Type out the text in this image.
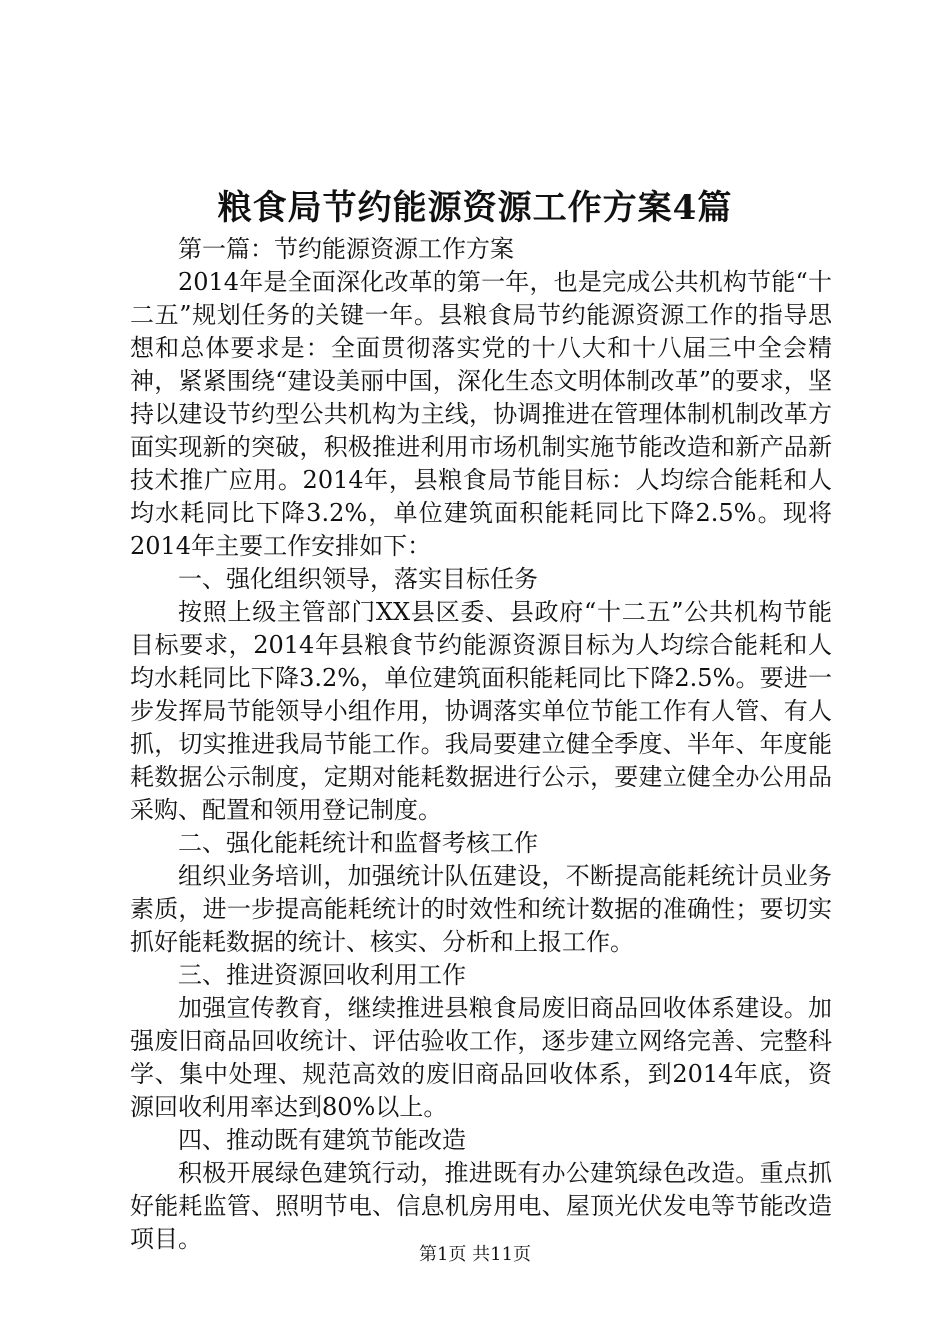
粮食局节约能源资源工作方案4篇

第一篇：节约能源资源工作方案

2014年是全面深化改革的第一年，也是完成公共机构节能“十二五”规划任务的关键一年。县粮食局节约能源资源工作的指导思想和总体要求是：全面贯彻落实党的十八大和十八届三中全会精神，紧紧围绕“建设美丽中国，深化生态文明体制改革”的要求，坚持以建设节约型公共机构为主线，协调推进在管理体制机制改革方面实现新的突破，积极推进利用市场机制实施节能改造和新产品新技术推广应用。2014年，县粮食局节能目标：人均综合能耗和人均水耗同比下降3.2%，单位建筑面积能耗同比下降2.5%。现将2014年主要工作安排如下：

一、强化组织领导，落实目标任务

按照上级主管部门XX县区委、县政府“十二五”公共机构节能目标要求，2014年县粮食节约能源资源目标为人均综合能耗和人均水耗同比下降3.2%，单位建筑面积能耗同比下降2.5%。要进一步发挥局节能领导小组作用，协调落实单位节能工作有人管、有人抓，切实推进我局节能工作。我局要建立健全季度、半年、年度能耗数据公示制度，定期对能耗数据进行公示，要建立健全办公用品采购、配置和领用登记制度。

二、强化能耗统计和监督考核工作

组织业务培训，加强统计队伍建设，不断提高能耗统计员业务素质，进一步提高能耗统计的时效性和统计数据的准确性；要切实抓好能耗数据的统计、核实、分析和上报工作。

三、推进资源回收利用工作

加强宣传教育，继续推进县粮食局废旧商品回收体系建设。加强废旧商品回收统计、评估验收工作，逐步建立网络完善、完整科学、集中处理、规范高效的废旧商品回收体系，到2014年底，资源回收利用率达到80%以上。

四、推动既有建筑节能改造

积极开展绿色建筑行动，推进既有办公建筑绿色改造。重点抓好能耗监管、照明节电、信息机房用电、屋顶光伏发电等节能改造项目。

第1页 共11页
